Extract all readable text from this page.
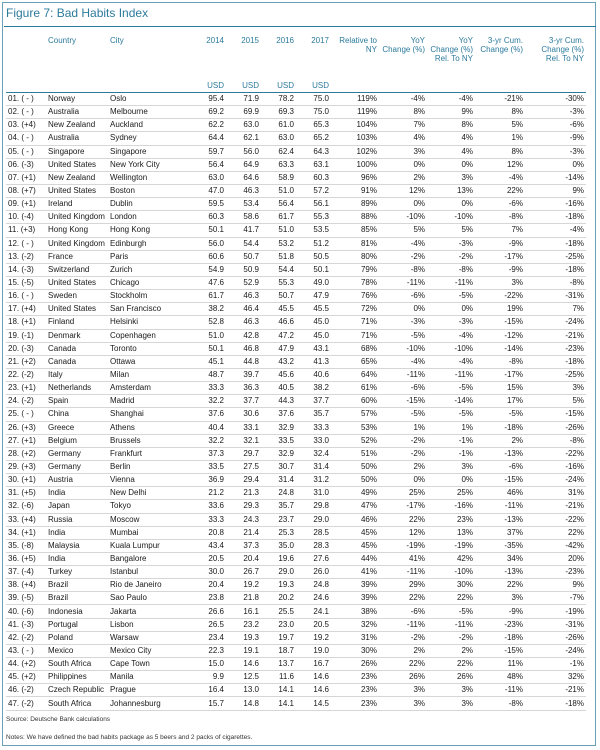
Figure 7: Bad Habits Index
	Country	City	2014	2015	2016	2017	Relative to NY	YoY Change (%)	YoY Change (%) Rel. To NY	3-yr Cum. Change (%)	3-yr Cum. Change (%) Rel. To NY
			USD	USD	USD	USD					
01. ( - )	Norway	Oslo	95.4	71.9	78.2	75.0	119%	-4%	-4%	-21%	-30%
02. ( - )	Australia	Melbourne	69.2	69.9	69.3	75.0	119%	8%	9%	8%	-3%
03. (+4)	New Zealand	Auckland	62.2	63.0	61.0	65.3	104%	7%	8%	5%	-6%
04. ( - )	Australia	Sydney	64.4	62.1	63.0	65.2	103%	4%	4%	1%	-9%
05. ( - )	Singapore	Singapore	59.7	56.0	62.4	64.3	102%	3%	4%	8%	-3%
06. (-3)	United States	New York City	56.4	64.9	63.3	63.1	100%	0%	0%	12%	0%
07. (+1)	New Zealand	Wellington	63.0	64.6	58.9	60.3	96%	2%	3%	-4%	-14%
08. (+7)	United States	Boston	47.0	46.3	51.0	57.2	91%	12%	13%	22%	9%
09. (+1)	Ireland	Dublin	59.5	53.4	56.4	56.1	89%	0%	0%	-6%	-16%
10. (-4)	United Kingdom	London	60.3	58.6	61.7	55.3	88%	-10%	-10%	-8%	-18%
11. (+3)	Hong Kong	Hong Kong	50.1	41.7	51.0	53.5	85%	5%	5%	7%	-4%
12. ( - )	United Kingdom	Edinburgh	56.0	54.4	53.2	51.2	81%	-4%	-3%	-9%	-18%
13. (-2)	France	Paris	60.6	50.7	51.8	50.5	80%	-2%	-2%	-17%	-25%
14. (-3)	Switzerland	Zurich	54.9	50.9	54.4	50.1	79%	-8%	-8%	-9%	-18%
15. (-5)	United States	Chicago	47.6	52.9	55.3	49.0	78%	-11%	-11%	3%	-8%
16. ( - )	Sweden	Stockholm	61.7	46.3	50.7	47.9	76%	-6%	-5%	-22%	-31%
17. (+4)	United States	San Francisco	38.2	46.4	45.5	45.5	72%	0%	0%	19%	7%
18. (+1)	Finland	Helsinki	52.8	46.3	46.6	45.0	71%	-3%	-3%	-15%	-24%
19. (-1)	Denmark	Copenhagen	51.0	42.8	47.2	45.0	71%	-5%	-4%	-12%	-21%
20. (-3)	Canada	Toronto	50.1	46.8	47.9	43.1	68%	-10%	-10%	-14%	-23%
21. (+2)	Canada	Ottawa	45.1	44.8	43.2	41.3	65%	-4%	-4%	-8%	-18%
22. (-2)	Italy	Milan	48.7	39.7	45.6	40.6	64%	-11%	-11%	-17%	-25%
23. (+1)	Netherlands	Amsterdam	33.3	36.3	40.5	38.2	61%	-6%	-5%	15%	3%
24. (-2)	Spain	Madrid	32.2	37.7	44.3	37.7	60%	-15%	-14%	17%	5%
25. ( - )	China	Shanghai	37.6	30.6	37.6	35.7	57%	-5%	-5%	-5%	-15%
26. (+3)	Greece	Athens	40.4	33.1	32.9	33.3	53%	1%	1%	-18%	-26%
27. (+1)	Belgium	Brussels	32.2	32.1	33.5	33.0	52%	-2%	-1%	2%	-8%
28. (+2)	Germany	Frankfurt	37.3	29.7	32.9	32.4	51%	-2%	-1%	-13%	-22%
29. (+3)	Germany	Berlin	33.5	27.5	30.7	31.4	50%	2%	3%	-6%	-16%
30. (+1)	Austria	Vienna	36.9	29.4	31.4	31.2	50%	0%	0%	-15%	-24%
31. (+5)	India	New Delhi	21.2	21.3	24.8	31.0	49%	25%	25%	46%	31%
32. (-6)	Japan	Tokyo	33.6	29.3	35.7	29.8	47%	-17%	-16%	-11%	-21%
33. (+4)	Russia	Moscow	33.3	24.3	23.7	29.0	46%	22%	23%	-13%	-22%
34. (+1)	India	Mumbai	20.8	21.4	25.3	28.5	45%	12%	13%	37%	22%
35. (-8)	Malaysia	Kuala Lumpur	43.4	37.3	35.0	28.3	45%	-19%	-19%	-35%	-42%
36. (+5)	India	Bangalore	20.5	20.4	19.6	27.6	44%	41%	42%	34%	20%
37. (-4)	Turkey	Istanbul	30.0	26.7	29.0	26.0	41%	-11%	-10%	-13%	-23%
38. (+4)	Brazil	Rio de Janeiro	20.4	19.2	19.3	24.8	39%	29%	30%	22%	9%
39. (-5)	Brazil	Sao Paulo	23.8	21.8	20.2	24.6	39%	22%	22%	3%	-7%
40. (-6)	Indonesia	Jakarta	26.6	16.1	25.5	24.1	38%	-6%	-5%	-9%	-19%
41. (-3)	Portugal	Lisbon	26.5	23.2	23.0	20.5	32%	-11%	-11%	-23%	-31%
42. (-2)	Poland	Warsaw	23.4	19.3	19.7	19.2	31%	-2%	-2%	-18%	-26%
43. ( - )	Mexico	Mexico City	22.3	19.1	18.7	19.0	30%	2%	2%	-15%	-24%
44. (+2)	South Africa	Cape Town	15.0	14.6	13.7	16.7	26%	22%	22%	11%	-1%
45. (+2)	Philippines	Manila	9.9	12.5	11.6	14.6	23%	26%	26%	48%	32%
46. (-2)	Czech Republic	Prague	16.4	13.0	14.1	14.6	23%	3%	3%	-11%	-21%
47. (-2)	South Africa	Johannesburg	15.7	14.8	14.1	14.5	23%	3%	3%	-8%	-18%
Source: Deutsche Bank calculations
Notes: We have defined the bad habits package as 5 beers and 2 packs of cigarettes.
